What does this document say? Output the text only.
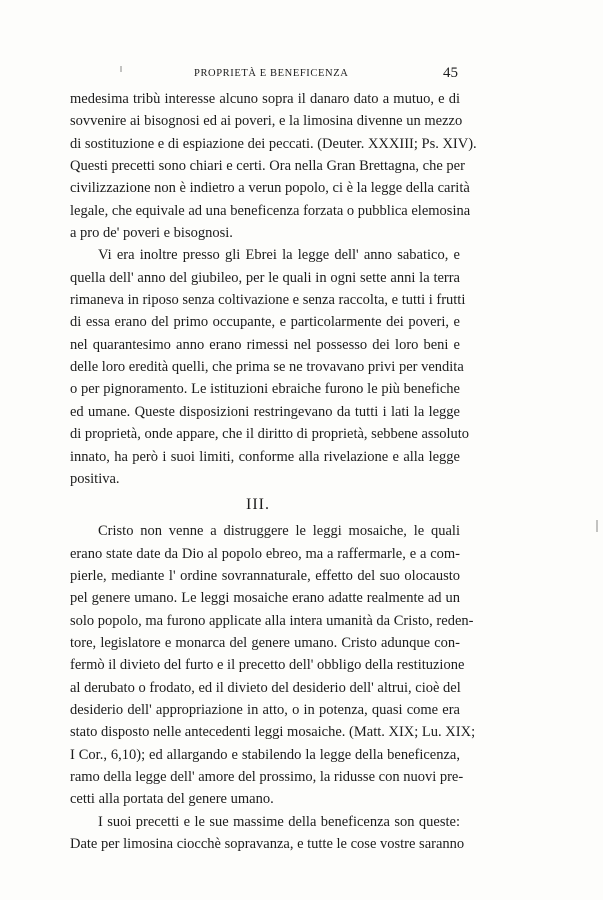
PROPRIETÀ E BENEFICENZA	45
medesima tribù interesse alcuno sopra il danaro dato a mutuo, e di
sovvenire ai bisognosi ed ai poveri, e la limosina divenne un mezzo
di sostituzione e di espiazione dei peccati. (Deuter. XXXIII; Ps. XIV).
Questi precetti sono chiari e certi. Ora nella Gran Brettagna, che per
civilizzazione non è indietro a verun popolo, ci è la legge della carità
legale, che equivale ad una beneficenza forzata o pubblica elemosina
a pro de' poveri e bisognosi.
Vi era inoltre presso gli Ebrei la legge dell' anno sabatico, e
quella dell' anno del giubileo, per le quali in ogni sette anni la terra
rimaneva in riposo senza coltivazione e senza raccolta, e tutti i frutti
di essa erano del primo occupante, e particolarmente dei poveri, e
nel quarantesimo anno erano rimessi nel possesso dei loro beni e
delle loro eredità quelli, che prima se ne trovavano privi per vendita
o per pignoramento. Le istituzioni ebraiche furono le più benefiche
ed umane. Queste disposizioni restringevano da tutti i lati la legge
di proprietà, onde appare, che il diritto di proprietà, sebbene assoluto
innato, ha però i suoi limiti, conforme alla rivelazione e alla legge
positiva.
III.
Cristo non venne a distruggere le leggi mosaiche, le quali
erano state date da Dio al popolo ebreo, ma a raffermarle, e a com-
pierle, mediante l' ordine sovrannaturale, effetto del suo olocausto
pel genere umano. Le leggi mosaiche erano adatte realmente ad un
solo popolo, ma furono applicate alla intera umanità da Cristo, reden-
tore, legislatore e monarca del genere umano. Cristo adunque con-
fermò il divieto del furto e il precetto dell' obbligo della restituzione
al derubato o frodato, ed il divieto del desiderio dell' altrui, cioè del
desiderio dell' appropriazione in atto, o in potenza, quasi come era
stato disposto nelle antecedenti leggi mosaiche. (Matt. XIX; Lu. XIX;
I Cor., 6,10); ed allargando e stabilendo la legge della beneficenza,
ramo della legge dell' amore del prossimo, la ridusse con nuovi pre-
cetti alla portata del genere umano.
I suoi precetti e le sue massime della beneficenza son queste:
Date per limosina ciocchè sopravanza, e tutte le cose vostre saranno
